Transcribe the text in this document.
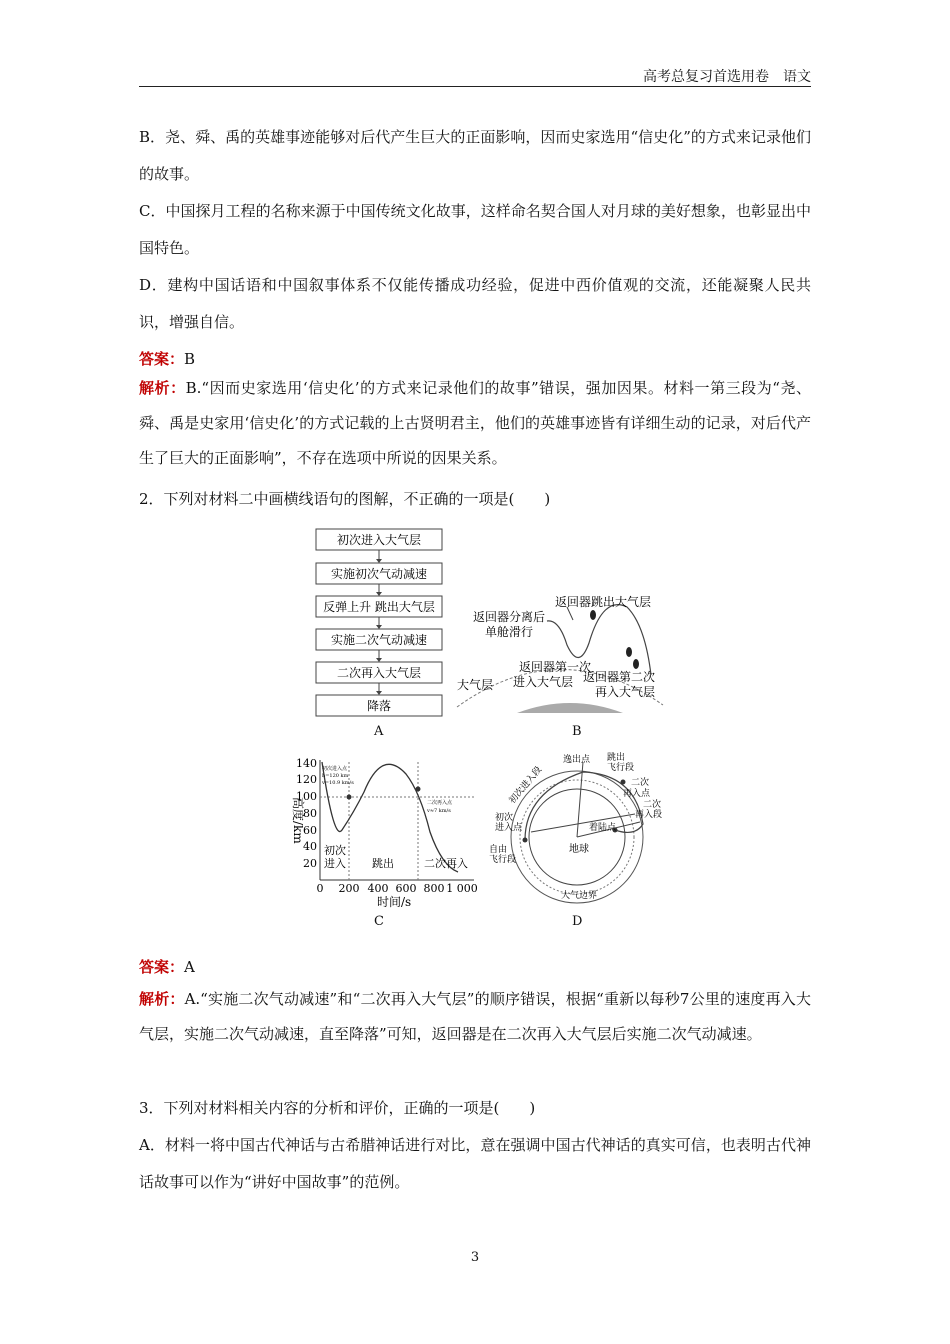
高考总复习首选用卷　语文

B．尧、舜、禹的英雄事迹能够对后代产生巨大的正面影响，因而史家选用“信史化”的方式来记录他们的故事。

C．中国探月工程的名称来源于中国传统文化故事，这样命名契合国人对月球的美好想象，也彰显出中国特色。

D．建构中国话语和中国叙事体系不仅能传播成功经验，促进中西价值观的交流，还能凝聚人民共识，增强自信。

答案：B

解析：B.“因而史家选用‘信史化’的方式来记录他们的故事”错误，强加因果。材料一第三段为“尧、舜、禹是史家用‘信史化’的方式记载的上古贤明君主，他们的英雄事迹皆有详细生动的记录，对后代产生了巨大的正面影响”，不存在选项中所说的因果关系。

2．下列对材料二中画横线语句的图解，不正确的一项是(　　)

初次进入大气层
实施初次气动减速
反弹上升 跳出大气层
实施二次气动减速
二次再入大气层
降落
A
返回器跳出大气层
返回器分离后
单舱滑行
返回器第一次
进入大气层
大气层
返回器第二次
再入大气层
B
140
120
100
80
60
40
20
高度/km
初次进入点
h=120 km
v=10.9 km/s
二次再入点
v≈7 km/s
初次
进入 跳出	二次再入
0 200 400 600 800 1 000
时间/s
C
逸出点 跳出
飞行段
二次
再入点
二次
再入段
初次进入段
初次
进入点
自由
飞行段
着陆点
地球
大气边界
D

答案：A

解析：A.“实施二次气动减速”和“二次再入大气层”的顺序错误，根据“重新以每秒7公里的速度再入大气层，实施二次气动减速，直至降落”可知，返回器是在二次再入大气层后实施二次气动减速。

3．下列对材料相关内容的分析和评价，正确的一项是(　　)

A．材料一将中国古代神话与古希腊神话进行对比，意在强调中国古代神话的真实可信，也表明古代神话故事可以作为“讲好中国故事”的范例。

3
